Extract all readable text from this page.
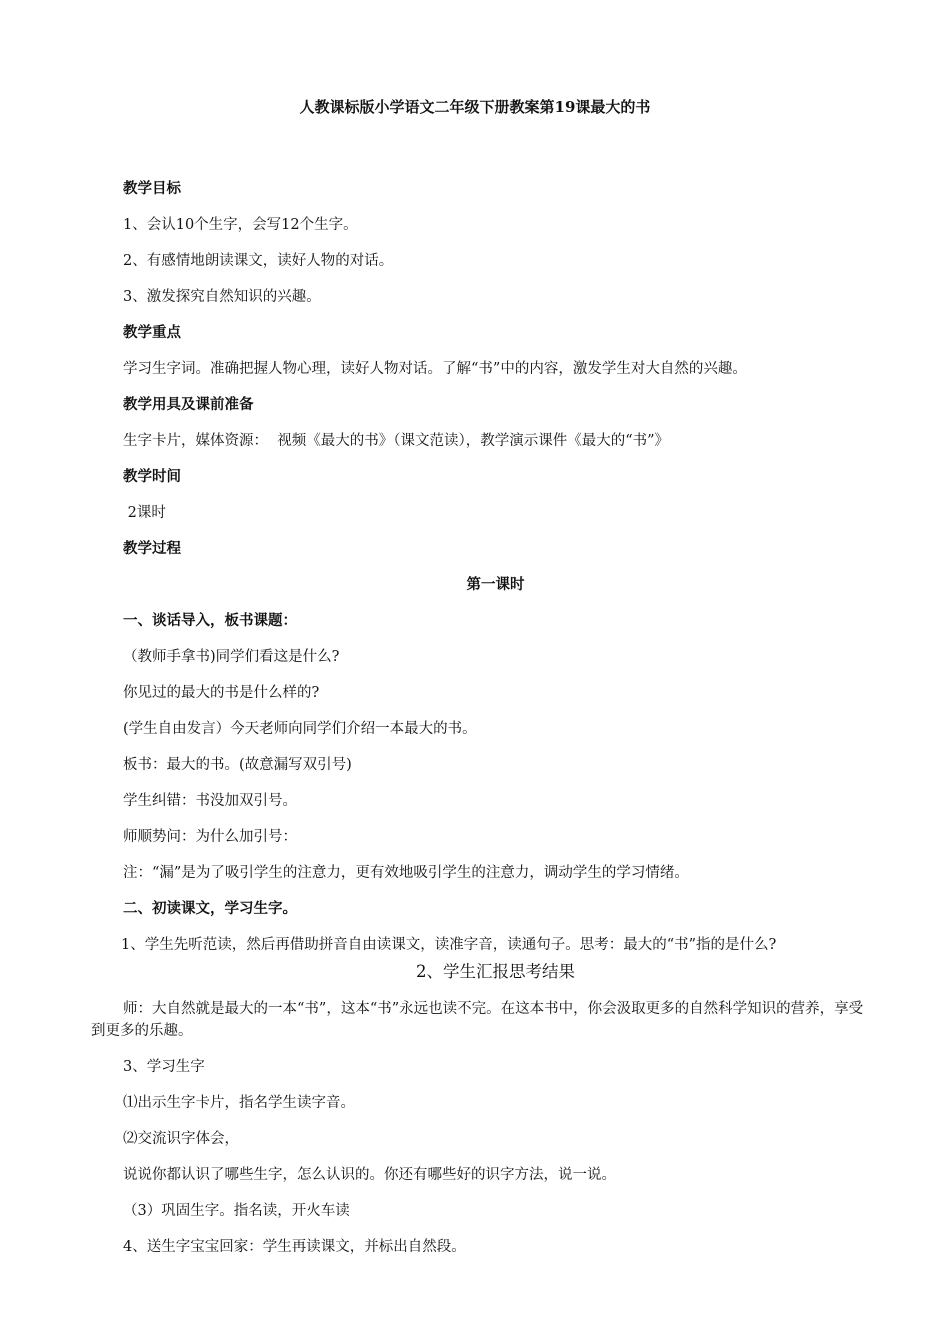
人教课标版小学语文二年级下册教案第19课最大的书

教学目标

1、会认10个生字，会写12个生字。

2、有感情地朗读课文，读好人物的对话。

3、激发探究自然知识的兴趣。

教学重点

学习生字词。准确把握人物心理，读好人物对话。了解“书”中的内容，激发学生对大自然的兴趣。

教学用具及课前准备

生字卡片，媒体资源：  视频《最大的书》（课文范读），教学演示课件《最大的“书”》

教学时间

2课时

教学过程

第一课时

一、谈话导入，板书课题：

（教师手拿书)同学们看这是什么?

你见过的最大的书是什么样的?

(学生自由发言）今天老师向同学们介绍一本最大的书。

板书：最大的书。(故意漏写双引号)

学生纠错：书没加双引号。

师顺势问：为什么加引号：

注：“漏”是为了吸引学生的注意力，更有效地吸引学生的注意力，调动学生的学习情绪。

二、初读课文，学习生字。

1、学生先听范读，然后再借助拼音自由读课文，读准字音，读通句子。思考：最大的“书”指的是什么?

2、学生汇报思考结果

师：大自然就是最大的一本“书”，这本“书”永远也读不完。在这本书中，你会汲取更多的自然科学知识的营养，享受到更多的乐趣。

3、学习生字

⑴出示生字卡片，指名学生读字音。

⑵交流识字体会，

说说你都认识了哪些生字，怎么认识的。你还有哪些好的识字方法，说一说。

（3）巩固生字。指名读，开火车读

4、送生字宝宝回家：学生再读课文，并标出自然段。
